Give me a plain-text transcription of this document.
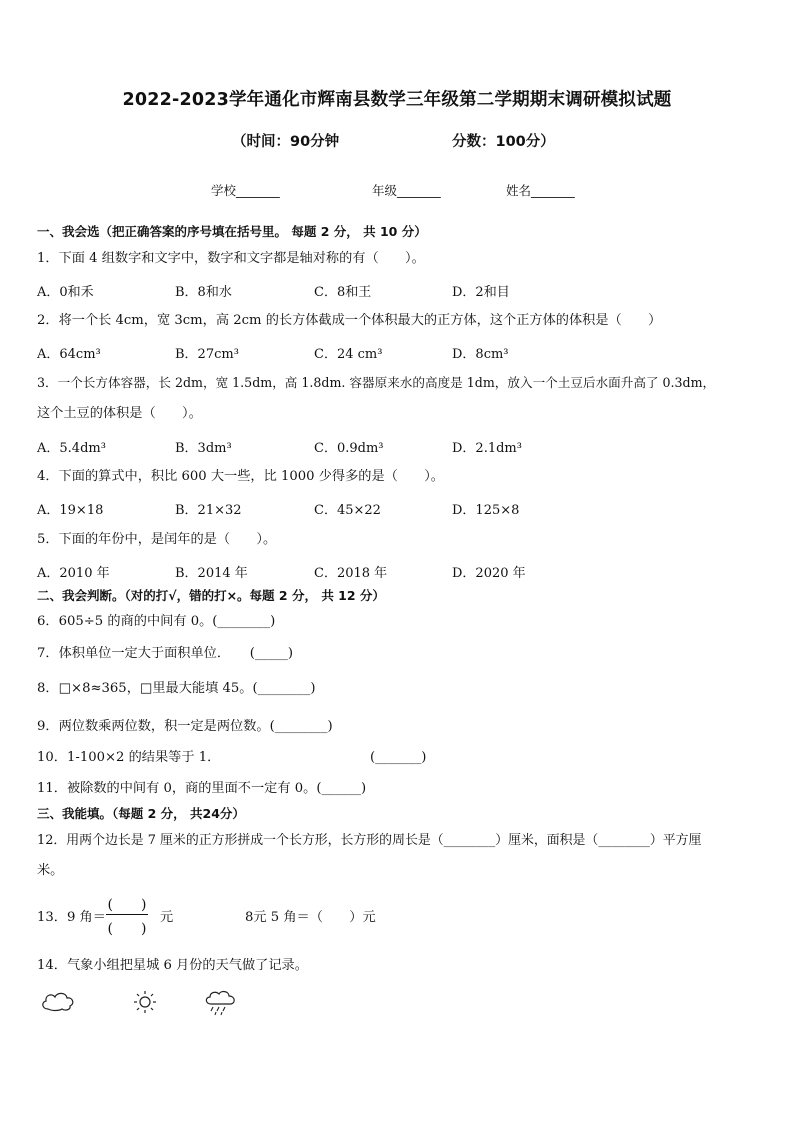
2022-2023学年通化市辉南县数学三年级第二学期期末调研模拟试题
（时间：90分钟	分数：100分）
学校_______	年级_______	姓名_______
一、我会选（把正确答案的序号填在括号里。 每题 2 分， 共 10 分）
1．下面 4 组数字和文字中，数字和文字都是轴对称的有（　　）。
A．0和禾	B．8和水	C．8和王	D．2和目
2．将一个长 4cm，宽 3cm，高 2cm 的长方体截成一个体积最大的正方体，这个正方体的体积是（　　）
A．64cm³	B．27cm³	C．24 cm³	D．8cm³
3．一个长方体容器，长 2dm，宽 1.5dm，高 1.8dm. 容器原来水的高度是 1dm，放入一个土豆后水面升高了 0.3dm，
这个土豆的体积是（　　）。
A．5.4dm³	B．3dm³	C．0.9dm³	D．2.1dm³
4．下面的算式中，积比 600 大一些，比 1000 少得多的是（　　）。
A．19×18	B．21×32	C．45×22	D．125×8
5．下面的年份中，是闰年的是（　　）。
A．2010 年	B．2014 年	C．2018 年	D．2020 年
二、我会判断。（对的打√，错的打×。每题 2 分， 共 12 分）
6．605÷5 的商的中间有 0。(________)
7．体积单位一定大于面积单位．　　(_____)
8．□×8≈365，□里最大能填 45。(________)
9．两位数乘两位数，积一定是两位数。(________)
10．1-100×2 的结果等于 1．	(_______)
11．被除数的中间有 0，商的里面不一定有 0。(______)
三、我能填。（每题 2 分， 共24分）
12．用两个边长是 7 厘米的正方形拼成一个长方形，长方形的周长是（________）厘米，面积是（________）平方厘
米。
13．9 角＝
(　　)
(　　)
元	8元 5 角＝（　　）元
14．气象小组把星城 6 月份的天气做了记录。
